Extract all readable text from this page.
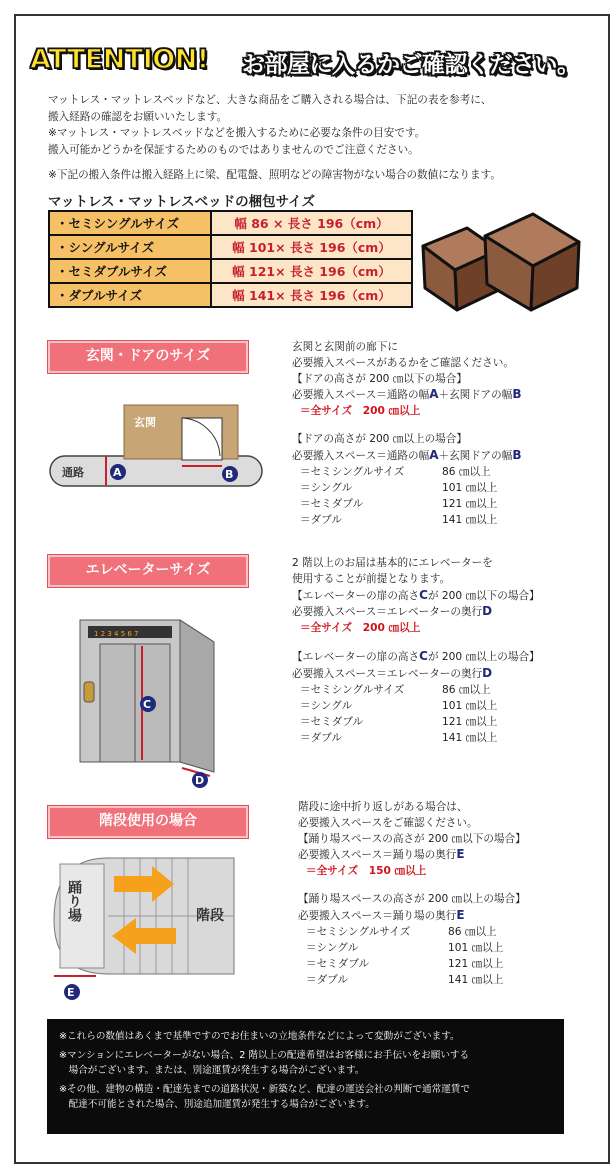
ATTENTION! お部屋に入るかご確認ください。
マットレス・マットレスベッドなど、大きな商品をご購入される場合は、下記の表を参考に、
搬入経路の確認をお願いいたします。
※マットレス・マットレスベッドなどを搬入するために必要な条件の目安です。
搬入可能かどうかを保証するためのものではありませんのでご注意ください。
※下記の搬入条件は搬入経路上に梁、配電盤、照明などの障害物がない場合の数値になります。
マットレス・マットレスベッドの梱包サイズ
・セミシングルサイズ	幅 86 × 長さ 196（cm）
・シングルサイズ	幅 101× 長さ 196（cm）
・セミダブルサイズ	幅 121× 長さ 196（cm）
・ダブルサイズ	幅 141× 長さ 196（cm）
玄関・ドアのサイズ
玄関
通路	A	B
玄関と玄関前の廊下に
必要搬入スペースがあるかをご確認ください。
【ドアの高さが 200 ㎝以下の場合】
必要搬入スペース＝通路の幅A＋玄関ドアの幅B
＝全サイズ　200 ㎝以上
【ドアの高さが 200 ㎝以上の場合】
必要搬入スペース＝通路の幅A＋玄関ドアの幅B
＝セミシングルサイズ	86 ㎝以上
＝シングル	101 ㎝以上
＝セミダブル	121 ㎝以上
＝ダブル	141 ㎝以上
エレベーターサイズ
1 2 3 4 5 6 7
C
D
2 階以上のお届は基本的にエレベーターを
使用することが前提となります。
【エレベーターの扉の高さCが 200 ㎝以下の場合】
必要搬入スペース＝エレベーターの奥行D
＝全サイズ　200 ㎝以上
【エレベーターの扉の高さCが 200 ㎝以上の場合】
必要搬入スペース＝エレベーターの奥行D
＝セミシングルサイズ	86 ㎝以上
＝シングル	101 ㎝以上
＝セミダブル	121 ㎝以上
＝ダブル	141 ㎝以上
階段使用の場合
踊り場	階段
E
階段に途中折り返しがある場合は、
必要搬入スペースをご確認ください。
【踊り場スペースの高さが 200 ㎝以下の場合】
必要搬入スペース＝踊り場の奥行E
＝全サイズ　150 ㎝以上
【踊り場スペースの高さが 200 ㎝以上の場合】
必要搬入スペース＝踊り場の奥行E
＝セミシングルサイズ	86 ㎝以上
＝シングル	101 ㎝以上
＝セミダブル	121 ㎝以上
＝ダブル	141 ㎝以上

※これらの数値はあくまで基準ですのでお住まいの立地条件などによって変動がございます。

※マンションにエレベーターがない場合、2 階以上の配達希望はお客様にお手伝いをお願いする

　場合がございます。または、別途運賃が発生する場合がございます。

※その他、建物の構造・配達先までの道路状況・新築など、配達の運送会社の判断で通常運賃で
　配達不可能とされた場合、別途追加運賃が発生する場合がございます。
